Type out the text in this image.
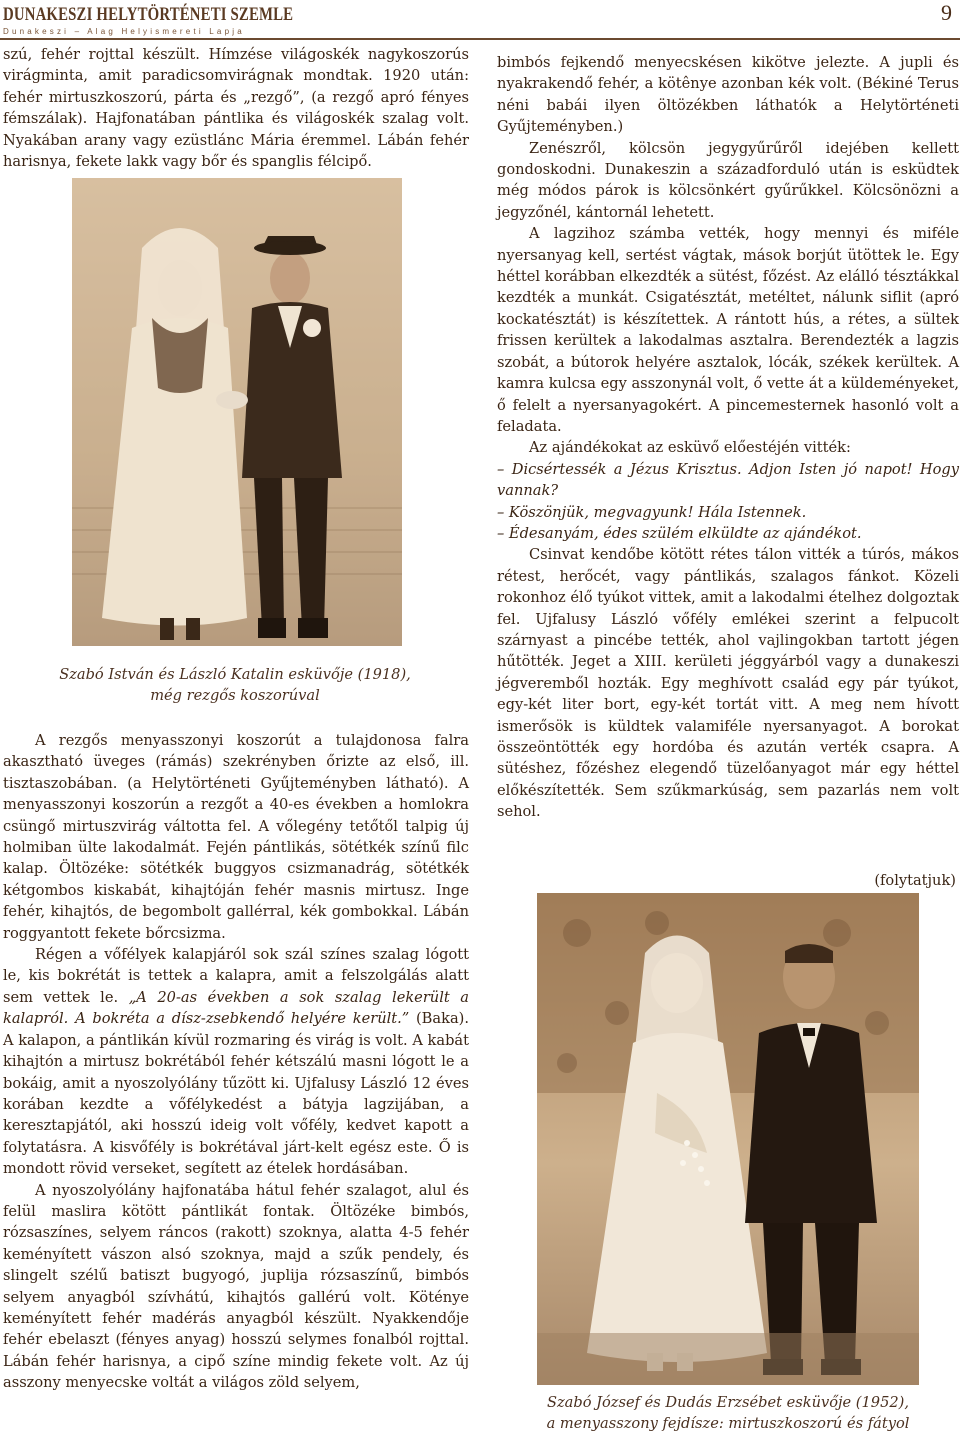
DUNAKESZI HELYTÖRTÉNETI SZEMLE
Dunakeszi – Alag Helyismereti Lapja
9

szú, fehér rojttal készült. Hímzése világoskék nagykoszorús virágminta, amit paradicsomvirágnak mondtak. 1920 után: fehér mirtuszkoszorú, párta és „rezgő”, (a rezgő apró fényes fémszálak). Hajfonatában pántlika és világoskék szalag volt. Nyakában arany vagy ezüstlánc Mária éremmel. Lábán fehér harisnya, fekete lakk vagy bőr és spanglis félcipő.

Szabó István és László Katalin esküvője (1918),
még rezgős koszorúval

A rezgős menyasszonyi koszorút a tulajdonosa falra akasztható üveges (rámás) szekrényben őrizte az első, ill. tisztaszobában. (a Helytörténeti Gyűjteményben látható). A menyasszonyi koszorún a rezgőt a 40-es években a homlokra csüngő mirtuszvirág váltotta fel. A vőlegény tetőtől talpig új holmiban ülte lakodalmát. Fején pántlikás, sötétkék színű filc kalap. Öltözéke: sötétkék buggyos csizmanadrág, sötétkék kétgombos kiskabát, kihajtóján fehér masnis mirtusz. Inge fehér, kihajtós, de begombolt gallérral, kék gombokkal. Lábán roggyantott fekete bőrcsizma.

Régen a vőfélyek kalapjáról sok szál színes szalag lógott le, kis bokrétát is tettek a kalapra, amit a felszolgálás alatt sem vettek le. „A 20-as években a sok szalag lekerült a kalapról. A bokréta a dísz-zsebkendő helyére került.” (Baka). A kalapon, a pántlikán kívül rozmaring és virág is volt. A kabát kihajtón a mirtusz bokrétából fehér kétszálú masni lógott le a bokáig, amit a nyoszolyólány tűzött ki. Ujfalusy László 12 éves korában kezdte a vőfélykedést a bátyja lagzijában, a keresztapjától, aki hosszú ideig volt vőfély, kedvet kapott a folytatásra. A kisvőfély is bokrétával járt-kelt egész este. Ő is mondott rövid verseket, segített az ételek hordásában.

A nyoszolyólány hajfonatába hátul fehér szalagot, alul és felül maslira kötött pántlikát fontak. Öltözéke bimbós, rózsaszínes, selyem ráncos (rakott) szoknya, alatta 4-5 fehér keményített vászon alsó szoknya, majd a szűk pendely, és slingelt szélű batiszt bugyogó, juplija rózsaszínű, bimbós selyem anyagból szívhátú, kihajtós gallérú volt. Kötényе keményített fehér madérás anyagból készült. Nyakkendője fehér ebelaszt (fényes anyag) hosszú selymes fonalból rojttal. Lábán fehér harisnya, a cipő színe mindig fekete volt. Az új asszony menyecske voltát a világos zöld selyem,

bimbós fejkendő menyecskésen kikötve jelezte. A jupli és nyakrakendő fehér, a kötênye azonban kék volt. (Békiné Terus néni babái ilyen öltözékben láthatók a Helytörténeti Gyűjteményben.)

Zenészről, kölcsön jegygyűrűről idejében kellett gondoskodni. Dunakeszin a századforduló után is esküdtek még módos párok is kölcsönkért gyűrűkkel. Kölcsönözni a jegyzőnél, kántornál lehetett.

A lagzihoz számba vették, hogy mennyi és miféle nyersanyag kell, sertést vágtak, mások borjút ütöttek le. Egy héttel korábban elkezdték a sütést, főzést. Az elálló tésztákkal kezdték a munkát. Csigatésztát, metéltet, nálunk siflit (apró kockatésztát) is készítettek. A rántott hús, a rétes, a sültek frissen kerültek a lakodalmas asztalra. Berendezték a lagzis szobát, a bútorok helyére asztalok, lócák, székek kerültek. A kamra kulcsa egy asszonynál volt, ő vette át a küldeményeket, ő felelt a nyersanyagokért. A pincemesternek hasonló volt a feladata.

Az ajándékokat az esküvő előestéjén vitték:

– Dicsértessék a Jézus Krisztus. Adjon Isten jó napot! Hogy vannak?

– Köszönjük, megvagyunk! Hála Istennek.

– Édesanyám, édes szülém elküldte az ajándékot.

Csinvat kendőbe kötött rétes tálon vitték a túrós, mákos rétest, herőcét, vagy pántlikás, szalagos fánkot. Közeli rokonhoz élő tyúkot vittek, amit a lakodalmi ételhez dolgoztak fel. Ujfalusy László vőfély emlékei szerint a felpucolt szárnyast a pincébe tették, ahol vajlingokban tartott jégen hűtötték. Jeget a XIII. kerületi jéggyárból vagy a dunakeszi jégveremből hozták. Egy meghívott család egy pár tyúkot, egy-két liter bort, egy-két tortát vitt. A meg nem hívott ismerősök is küldtek valamiféle nyersanyagot. A borokat összeöntötték egy hordóba és azután verték csapra. A sütéshez, főzéshez elegendő tüzelőanyagot már egy héttel előkészítették. Sem szűkmarkúság, sem pazarlás nem volt sehol.

(folytatjuk)
Szabó József és Dudás Erzsébet esküvője (1952),
a menyasszony fejdísze: mirtuszkoszorú és fátyol
